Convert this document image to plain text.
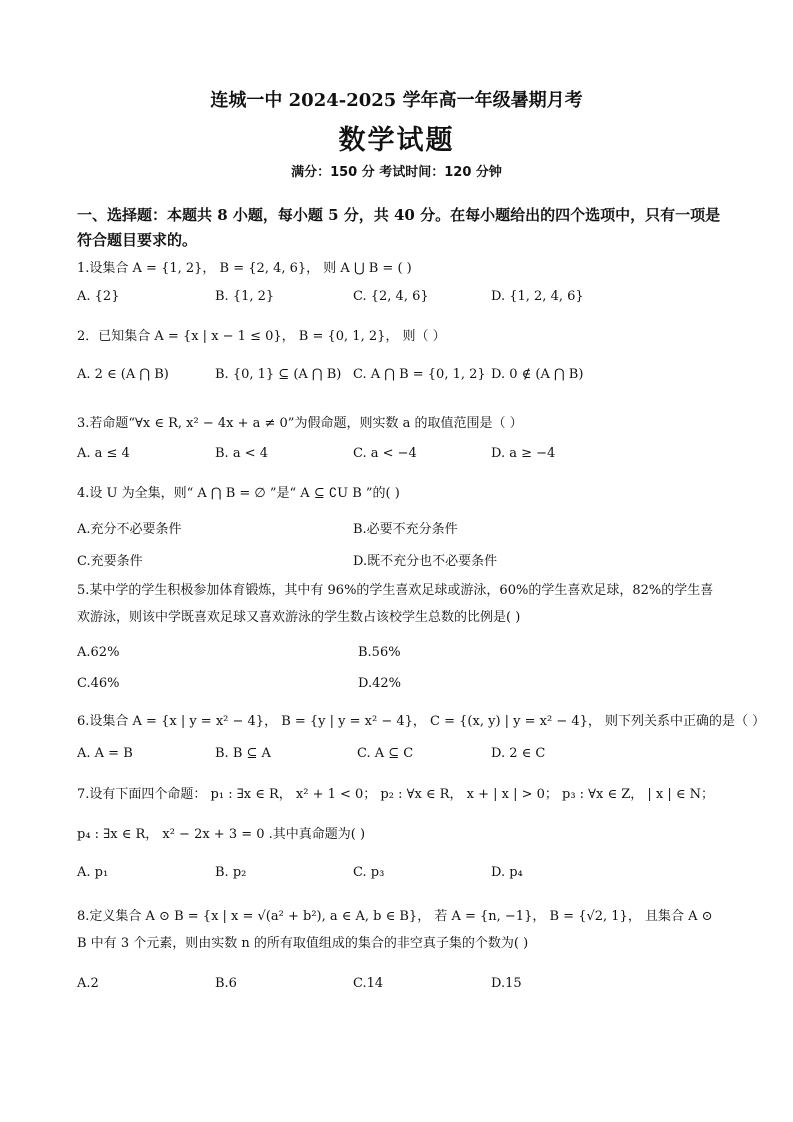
连城一中 2024-2025 学年高一年级暑期月考
数学试题
满分：150 分 考试时间：120 分钟
一、选择题：本题共 8 小题，每小题 5 分，共 40 分。在每小题给出的四个选项中，只有一项是符合题目要求的。
1.设集合 A = {1, 2}， B = {2, 4, 6}， 则 A ⋃ B = ( )
A. {2}	B. {1, 2}	C. {2, 4, 6}	D. {1, 2, 4, 6}
2．已知集合 A = {x | x − 1 ≤ 0}， B = {0, 1, 2}， 则（ ）
A. 2 ∈ (A ⋂ B)	B. {0, 1} ⊆ (A ⋂ B) C. A ⋂ B = {0, 1, 2} D. 0 ∉ (A ⋂ B)
3.若命题“∀x ∈ R, x² − 4x + a ≠ 0”为假命题，则实数 a 的取值范围是（ ）
A. a ≤ 4	B. a < 4	C. a < −4	D. a ≥ −4
4.设 U 为全集，则“ A ⋂ B = ∅ ”是“ A ⊆ ∁U B ”的( )
A.充分不必要条件	B.必要不充分条件
C.充要条件	D.既不充分也不必要条件
5.某中学的学生积极参加体育锻炼，其中有 96%的学生喜欢足球或游泳，60%的学生喜欢足球，82%的学生喜欢游泳，则该中学既喜欢足球又喜欢游泳的学生数占该校学生总数的比例是( )
A.62%	B.56%
C.46%	D.42%
6.设集合 A = {x | y = x² − 4}， B = {y | y = x² − 4}， C = {(x, y) | y = x² − 4}， 则下列关系中正确的是（ ）
A. A = B	B. B ⊆ A	C. A ⊆ C	D. 2 ∈ C
7.设有下面四个命题： p₁ : ∃x ∈ R， x² + 1 < 0； p₂ : ∀x ∈ R， x + | x | > 0； p₃ : ∀x ∈ Z， | x | ∈ N；
p₄ : ∃x ∈ R， x² − 2x + 3 = 0 .其中真命题为( )
A. p₁	B. p₂	C. p₃	D. p₄
8.定义集合 A ⊙ B = {x | x = √(a² + b²), a ∈ A, b ∈ B}， 若 A = {n, −1}， B = {√2, 1}， 且集合 A ⊙ B 中有 3 个元素，则由实数 n 的所有取值组成的集合的非空真子集的个数为( )
A.2	B.6	C.14	D.15
